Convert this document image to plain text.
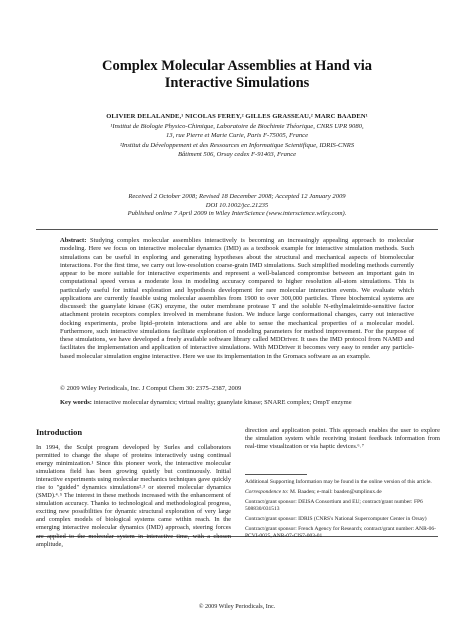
Complex Molecular Assemblies at Hand via
Interactive Simulations
OLIVIER DELALANDE,¹ NICOLAS FEREY,² GILLES GRASSEAU,² MARC BAADEN¹
¹Institut de Biologie Physico-Chimique, Laboratoire de Biochimie Théorique, CNRS UPR 9080,
13, rue Pierre et Marie Curie, Paris F-75005, France
²Institut du Développement et des Ressources en Informatique Scientifique, IDRIS-CNRS
Bâtiment 506, Orsay cedex F-91403, France
Received 2 October 2008; Revised 18 December 2008; Accepted 12 January 2009
DOI 10.1002/jcc.21235
Published online 7 April 2009 in Wiley InterScience (www.interscience.wiley.com).
Abstract: Studying complex molecular assemblies interactively is becoming an increasingly appealing approach to molecular modeling. Here we focus on interactive molecular dynamics (IMD) as a textbook example for interactive simulation methods. Such simulations can be useful in exploring and generating hypotheses about the structural and mechanical aspects of biomolecular interactions. For the first time, we carry out low-resolution coarse-grain IMD simulations. Such simplified modeling methods currently appear to be more suitable for interactive experiments and represent a well-balanced compromise between an important gain in computational speed versus a moderate loss in modeling accuracy compared to higher resolution all-atom simulations. This is particularly useful for initial exploration and hypothesis development for rare molecular interaction events. We evaluate which applications are currently feasible using molecular assemblies from 1900 to over 300,000 particles. Three biochemical systems are discussed: the guanylate kinase (GK) enzyme, the outer membrane protease T and the soluble N-ethylmaleimide-sensitive factor attachment protein receptors complex involved in membrane fusion. We induce large conformational changes, carry out interactive docking experiments, probe lipid–protein interactions and are able to sense the mechanical properties of a molecular model. Furthermore, such interactive simulations facilitate exploration of modeling parameters for method improvement. For the purpose of these simulations, we have developed a freely available software library called MDDriver. It uses the IMD protocol from NAMD and facilitates the implementation and application of interactive simulations. With MDDriver it becomes very easy to render any particle-based molecular simulation engine interactive. Here we use its implementation in the Gromacs software as an example.
© 2009 Wiley Periodicals, Inc. J Comput Chem 30: 2375–2387, 2009
Key words: interactive molecular dynamics; virtual reality; guanylate kinase; SNARE complex; OmpT enzyme
Introduction

In 1994, the Sculpt program developed by Surles and collaborators permitted to change the shape of proteins interactively using continual energy minimization.¹ Since this pioneer work, the interactive molecular simulations field has been growing quietly but continuously. Initial interactive experiments using molecular mechanics techniques gave quickly rise to "guided" dynamics simulations²˒³ or steered molecular dynamics (SMD).⁴˒⁵ The interest in these methods increased with the enhancement of simulation accuracy. Thanks to technological and methodological progress, exciting new possibilities for dynamic structural exploration of very large and complex models of biological systems came within reach. In the emerging interactive molecular dynamics (IMD) approach, steering forces are applied to the molecular system in interactive time, with a chosen amplitude,

direction and application point. This approach enables the user to explore the simulation system while receiving instant feedback information from real-time visualization or via haptic devices.⁶˒⁷
Additional Supporting Information may be found in the online version of this article.
Correspondence to: M. Baaden; e-mail: baaden@smplinux.de
Contract/grant sponsor: DEISA Consortium and EU; contract/grant number: FP6 508830/031513
Contract/grant sponsor: IDRIS (CNRS's National Supercomputer Center in Orsay)
Contract/grant sponsor: French Agency for Research; contract/grant number: ANR-06-PCVI-0025, ANR-07-CIS7-003-01
© 2009 Wiley Periodicals, Inc.
